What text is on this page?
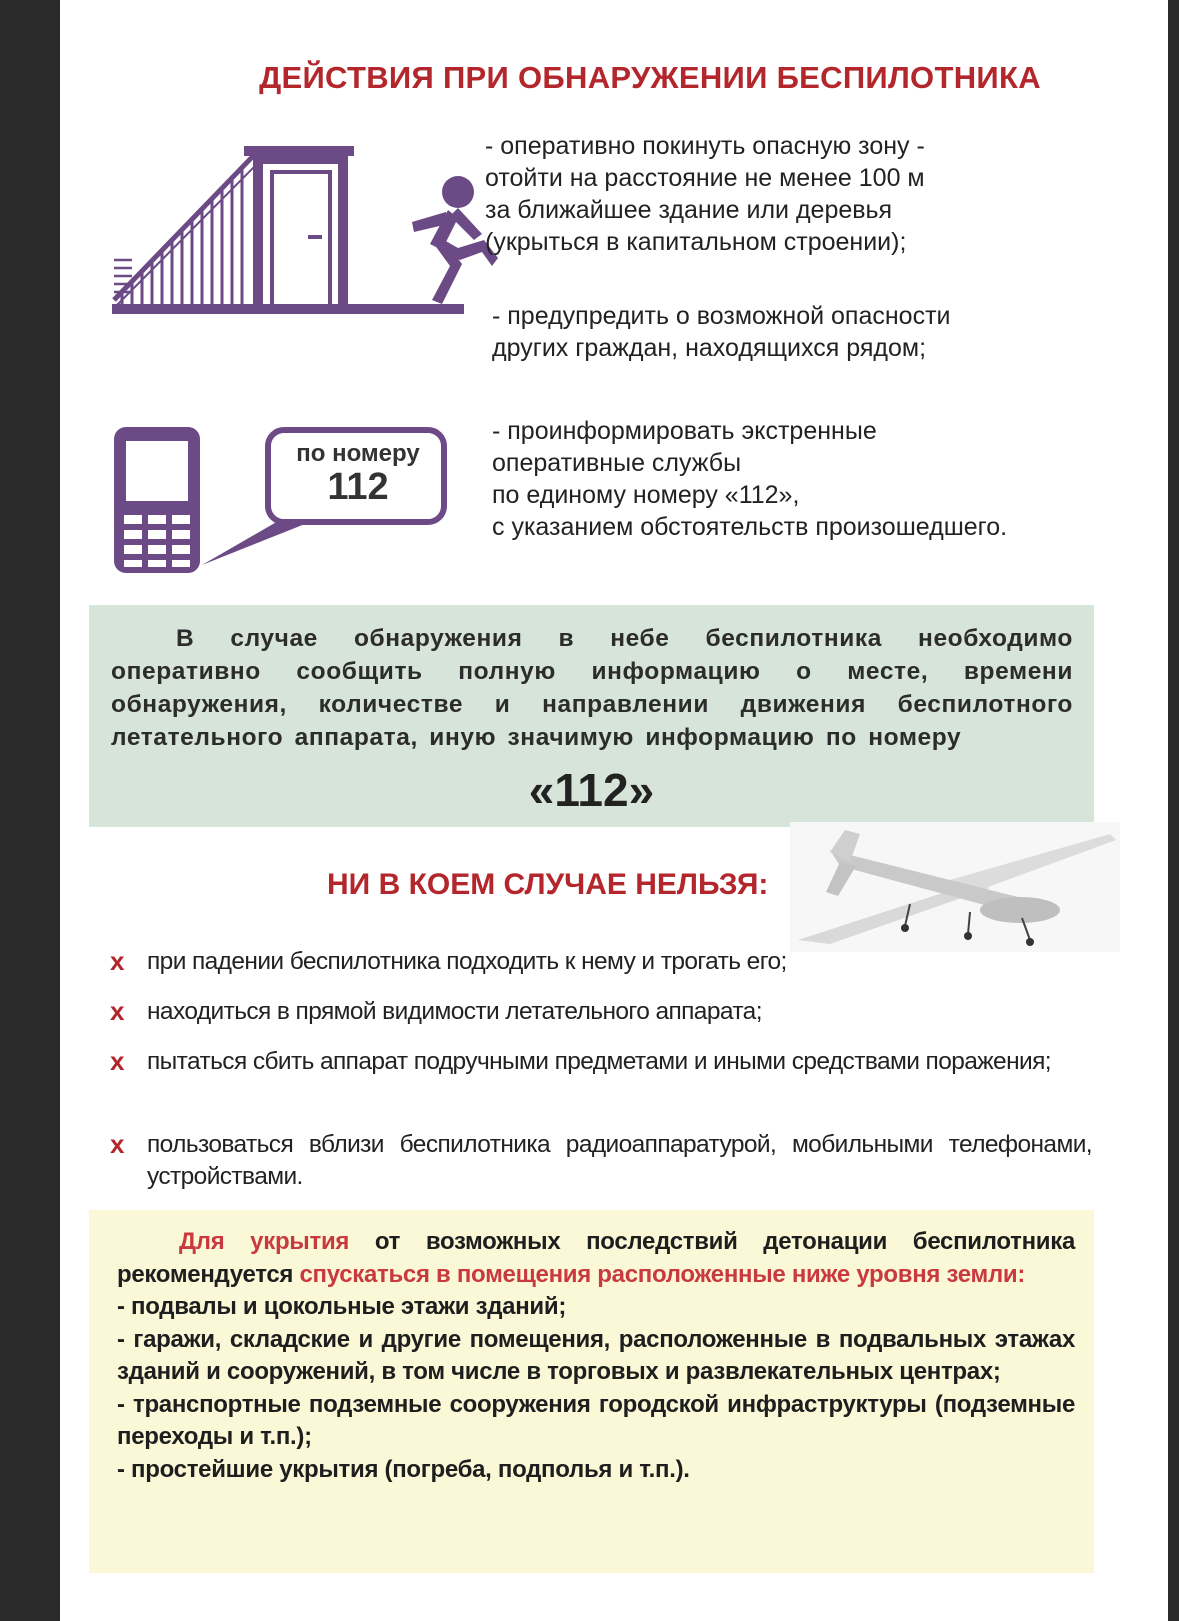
ДЕЙСТВИЯ ПРИ ОБНАРУЖЕНИИ БЕСПИЛОТНИКА
- оперативно покинуть опасную зону -
отойти на расстояние не менее 100 м
за ближайшее здание или деревья
(укрыться в капитальном строении);
- предупредить о возможной опасности
других граждан, находящихся рядом;
по номеру
112
- проинформировать экстренные
оперативные службы
по единому номеру «112»,
с указанием обстоятельств произошедшего.
В случае обнаружения в небе беспилотника необходимо оперативно сообщить полную информацию о месте, времени обнаружения, количестве и направлении движения беспилотного летательного аппарата, иную значимую информацию по номеру
«112»
НИ В КОЕМ СЛУЧАЕ НЕЛЬЗЯ:
х при падении беспилотника подходить к нему и трогать его;
х находиться в прямой видимости летательного аппарата;
х пытаться сбить аппарат подручными предметами и иными средствами поражения;
х пользоваться вблизи беспилотника радиоаппаратурой, мобильными телефонами, устройствами.
Для укрытия от возможных последствий детонации беспилотника рекомендуется спускаться в помещения расположенные ниже уровня земли:
- подвалы и цокольные этажи зданий;
- гаражи, складские и другие помещения, расположенные в подвальных этажах зданий и сооружений, в том числе в торговых и развлекательных центрах;
- транспортные подземные сооружения городской инфраструктуры (подземные переходы и т.п.);
- простейшие укрытия (погреба, подполья и т.п.).
